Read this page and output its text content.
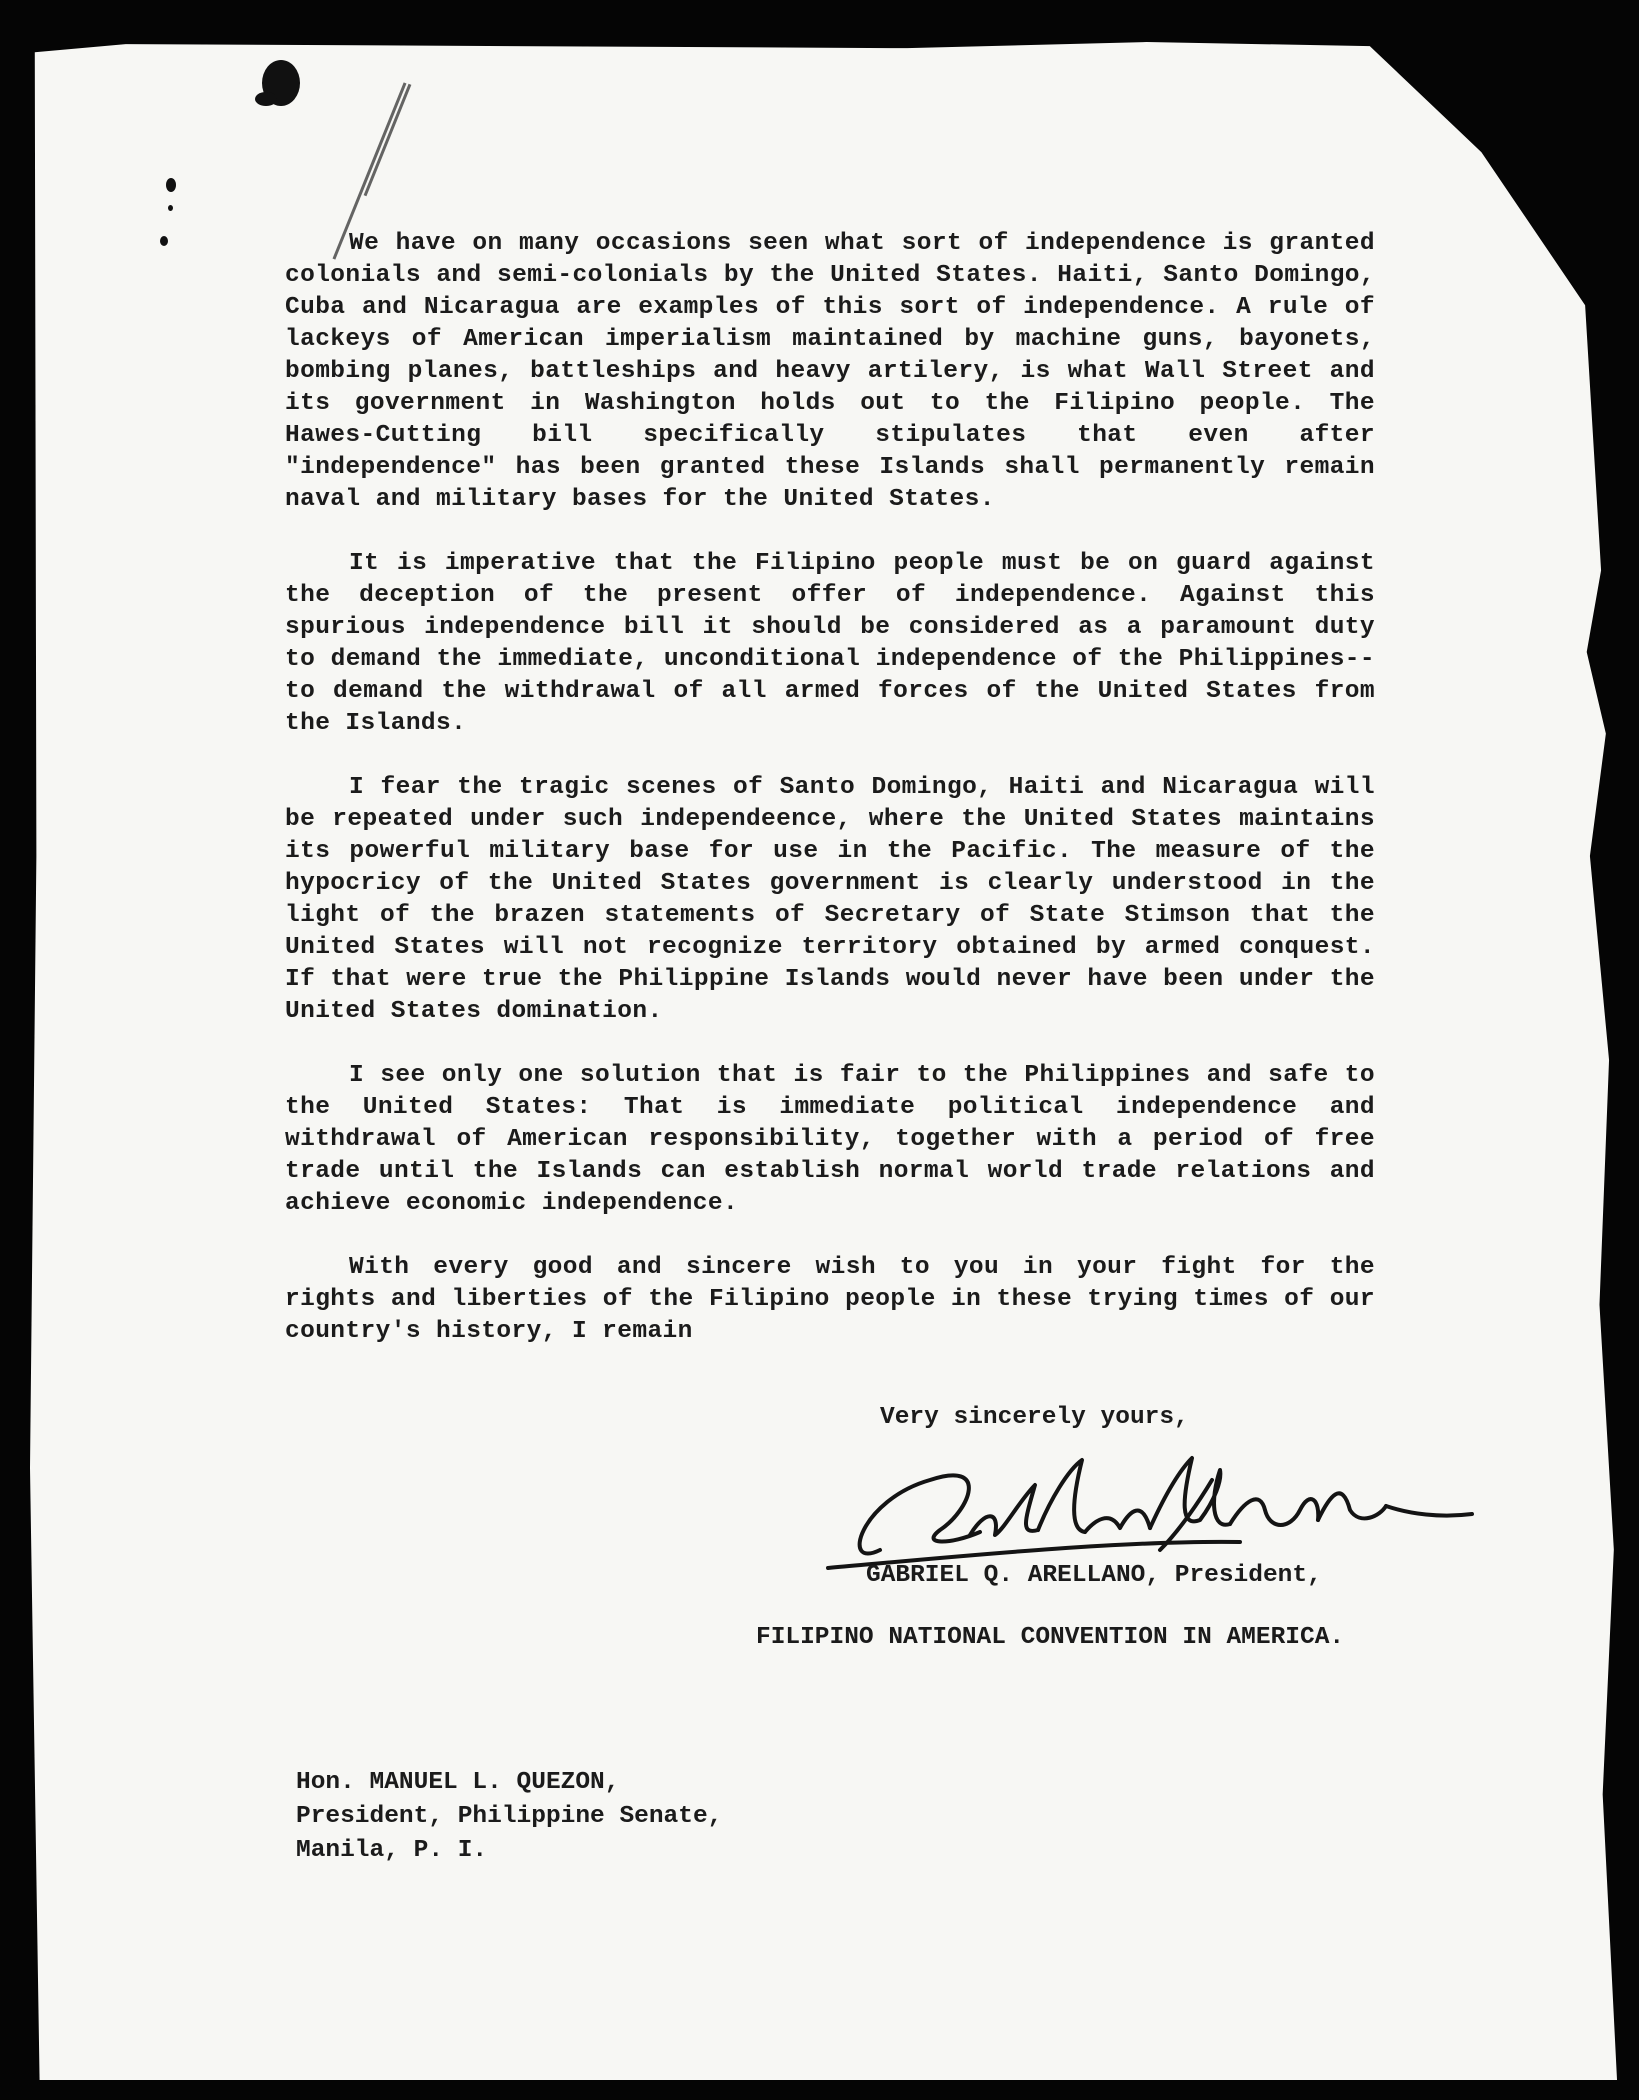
We have on many occasions seen what sort of independence is granted colonials and semi-colonials by the United States. Haiti, Santo Domingo, Cuba and Nicaragua are examples of this sort of independence. A rule of lackeys of American imperialism maintained by machine guns, bayonets, bombing planes, battleships and heavy artilery, is what Wall Street and its government in Washington holds out to the Filipino people. The Hawes-Cutting bill specifically stipulates that even after "independence" has been granted these Islands shall permanently remain naval and military bases for the United States.

It is imperative that the Filipino people must be on guard against the deception of the present offer of independence. Against this spurious independence bill it should be considered as a paramount duty to demand the immediate, unconditional independence of the Philippines-- to demand the withdrawal of all armed forces of the United States from the Islands.

I fear the tragic scenes of Santo Domingo, Haiti and Nicaragua will be repeated under such independeence, where the United States maintains its powerful military base for use in the Pacific. The measure of the hypocricy of the United States government is clearly understood in the light of the brazen statements of Secretary of State Stimson that the United States will not recognize territory obtained by armed conquest. If that were true the Philippine Islands would never have been under the United States domination.

I see only one solution that is fair to the Philippines and safe to the United States: That is immediate political independence and withdrawal of American responsibility, together with a period of free trade until the Islands can establish normal world trade relations and achieve economic independence.

With every good and sincere wish to you in your fight for the rights and liberties of the Filipino people in these trying times of our country's history, I remain

Very sincerely yours,
GABRIEL Q. ARELLANO, President,
FILIPINO NATIONAL CONVENTION IN AMERICA.
Hon. MANUEL L. QUEZON,
President, Philippine Senate,
Manila, P. I.
